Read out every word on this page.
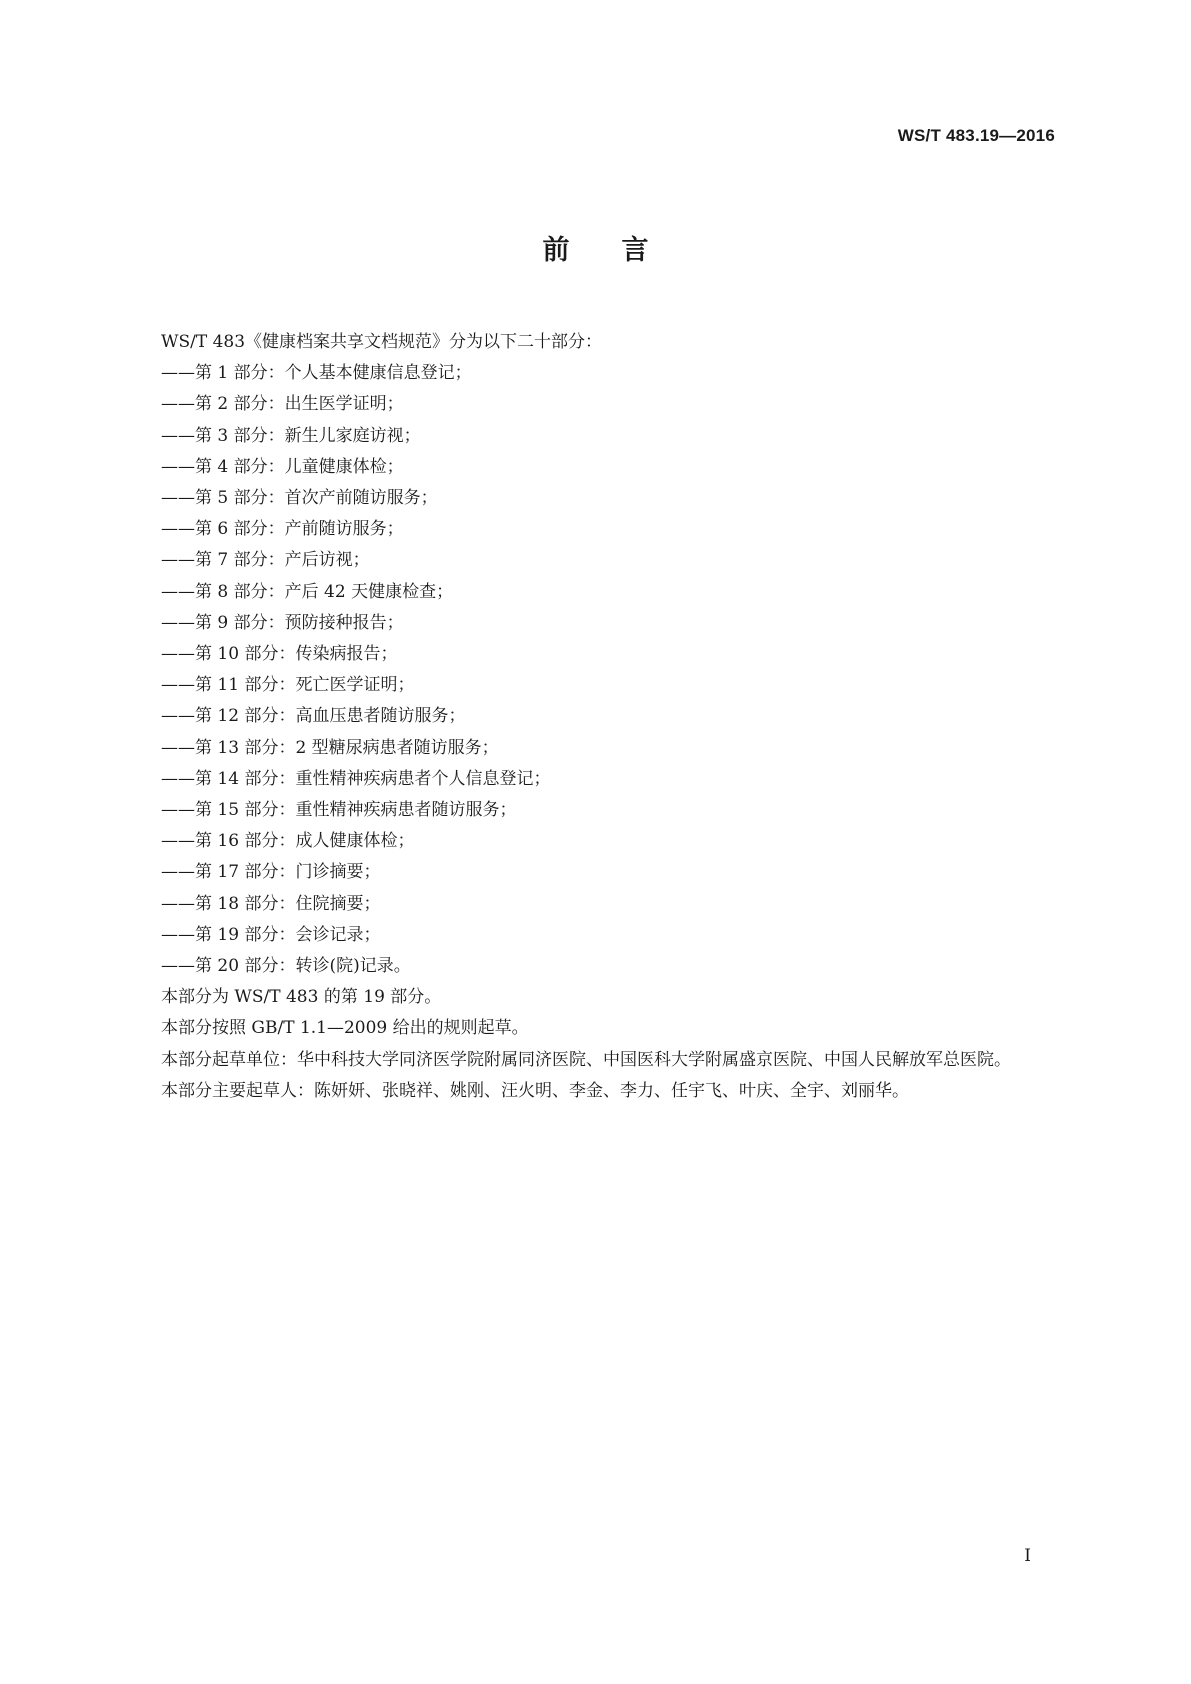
WS/T 483.19—2016
前言

WS/T 483《健康档案共享文档规范》分为以下二十部分：

——第 1 部分：个人基本健康信息登记；
——第 2 部分：出生医学证明；
——第 3 部分：新生儿家庭访视；
——第 4 部分：儿童健康体检；
——第 5 部分：首次产前随访服务；
——第 6 部分：产前随访服务；
——第 7 部分：产后访视；
——第 8 部分：产后 42 天健康检查；
——第 9 部分：预防接种报告；
——第 10 部分：传染病报告；
——第 11 部分：死亡医学证明；
——第 12 部分：高血压患者随访服务；
——第 13 部分：2 型糖尿病患者随访服务；
——第 14 部分：重性精神疾病患者个人信息登记；
——第 15 部分：重性精神疾病患者随访服务；
——第 16 部分：成人健康体检；
——第 17 部分：门诊摘要；
——第 18 部分：住院摘要；
——第 19 部分：会诊记录；
——第 20 部分：转诊(院)记录。

本部分为 WS/T 483 的第 19 部分。

本部分按照 GB/T 1.1—2009 给出的规则起草。

本部分起草单位：华中科技大学同济医学院附属同济医院、中国医科大学附属盛京医院、中国人民解放军总医院。

本部分主要起草人：陈妍妍、张晓祥、姚刚、汪火明、李金、李力、任宇飞、叶庆、全宇、刘丽华。

I
